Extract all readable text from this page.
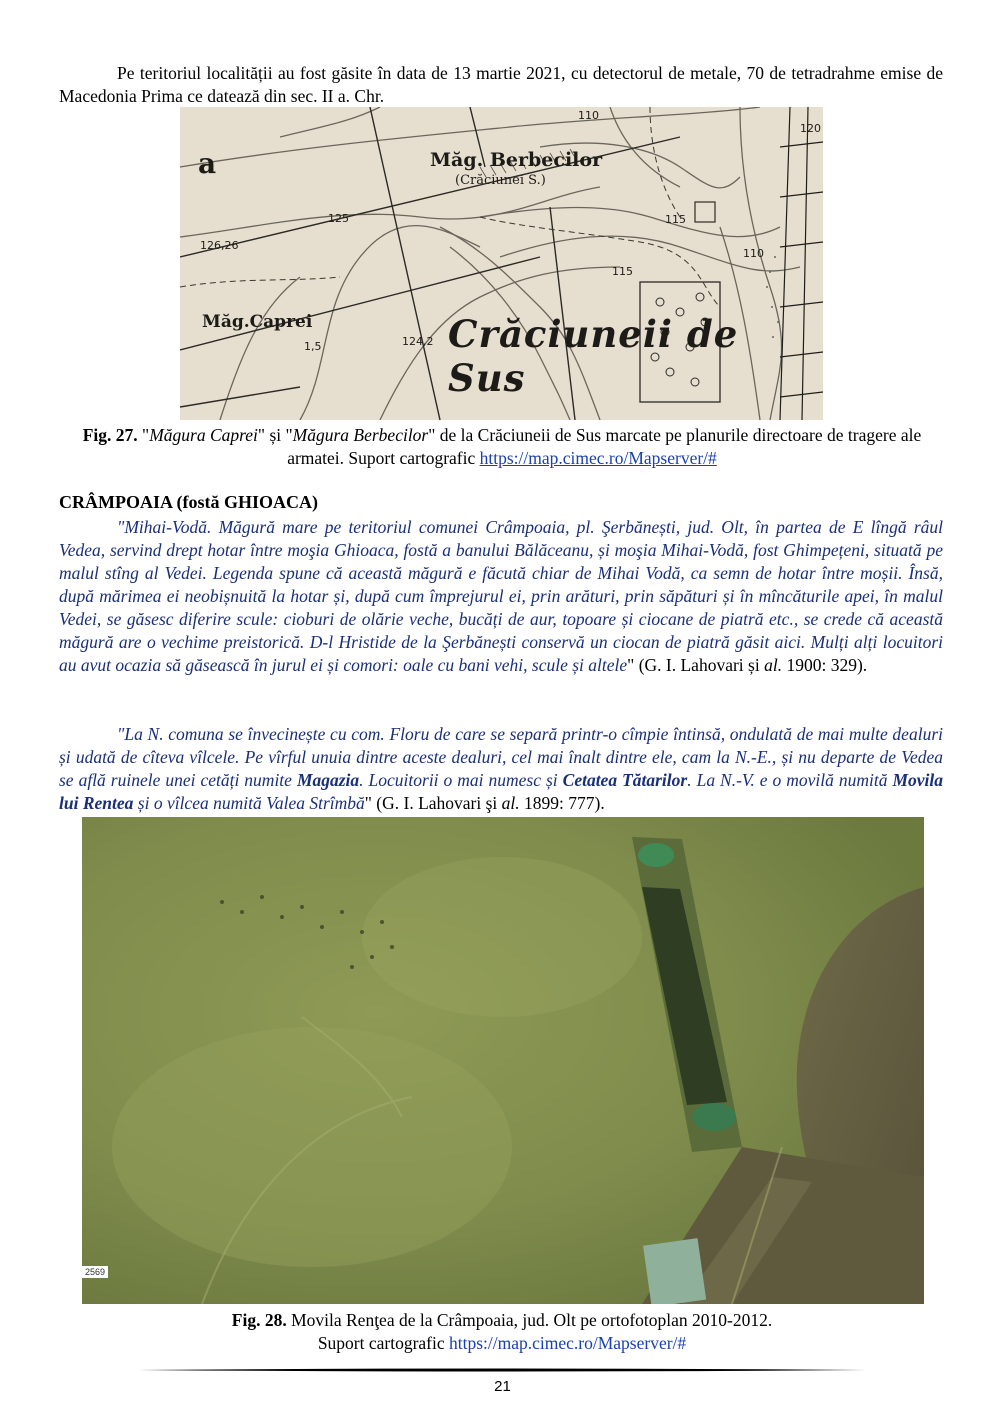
Pe teritoriul localității au fost găsite în data de 13 martie 2021, cu detectorul de metale, 70 de tetradrahme emise de Macedonia Prima ce datează din sec. II a. Chr.
Măg. Berbecilor
(Crăciunei S.)
Măg.Caprei	Crăciuneii de Sus
a
110
120
125	115
126,26
115
110
1,5	124,2
Fig. 27. "Măgura Caprei" și "Măgura Berbecilor" de la Crăciuneii de Sus marcate pe planurile directoare de tragere ale armatei. Suport cartografic https://map.cimec.ro/Mapserver/#
CRÂMPOAIA (fostă GHIOACA)
"Mihai-Vodă. Măgură mare pe teritoriul comunei Crâmpoaia, pl. Şerbănești, jud. Olt, în partea de E lîngă râul Vedea, servind drept hotar între moşia Ghioaca, fostă a banului Bălăceanu, și moşia Mihai-Vodă, fost Ghimpețeni, situată pe malul stîng al Vedei. Legenda spune că această măgură e făcută chiar de Mihai Vodă, ca semn de hotar între moșii. Însă, după mărimea ei neobișnuită la hotar și, după cum împrejurul ei, prin arături, prin săpături și în mîncăturile apei, în malul Vedei, se găsesc diferire scule: cioburi de olărie veche, bucăți de aur, topoare și ciocane de piatră etc., se crede că această măgură are o vechime preistorică. D-l Hristide de la Şerbănești conservă un ciocan de piatră găsit aici. Mulți alți locuitori au avut ocazia să găsească în jurul ei și comori: oale cu bani vehi, scule și altele" (G. I. Lahovari și al. 1900: 329).
"La N. comuna se învecinește cu com. Floru de care se separă printr-o cîmpie întinsă, ondulată de mai multe dealuri și udată de cîteva vîlcele. Pe vîrful unuia dintre aceste dealuri, cel mai înalt dintre ele, cam la N.-E., și nu departe de Vedea se află ruinele unei cetăți numite Magazia. Locuitorii o mai numesc și Cetatea Tătarilor. La N.-V. e o movilă numită Movila lui Rentea și o vîlcea numită Valea Strîmbă" (G. I. Lahovari şi al. 1899: 777).
2569
Fig. 28. Movila Renţea de la Crâmpoaia, jud. Olt pe ortofotoplan 2010-2012.
Suport cartografic https://map.cimec.ro/Mapserver/#
21
